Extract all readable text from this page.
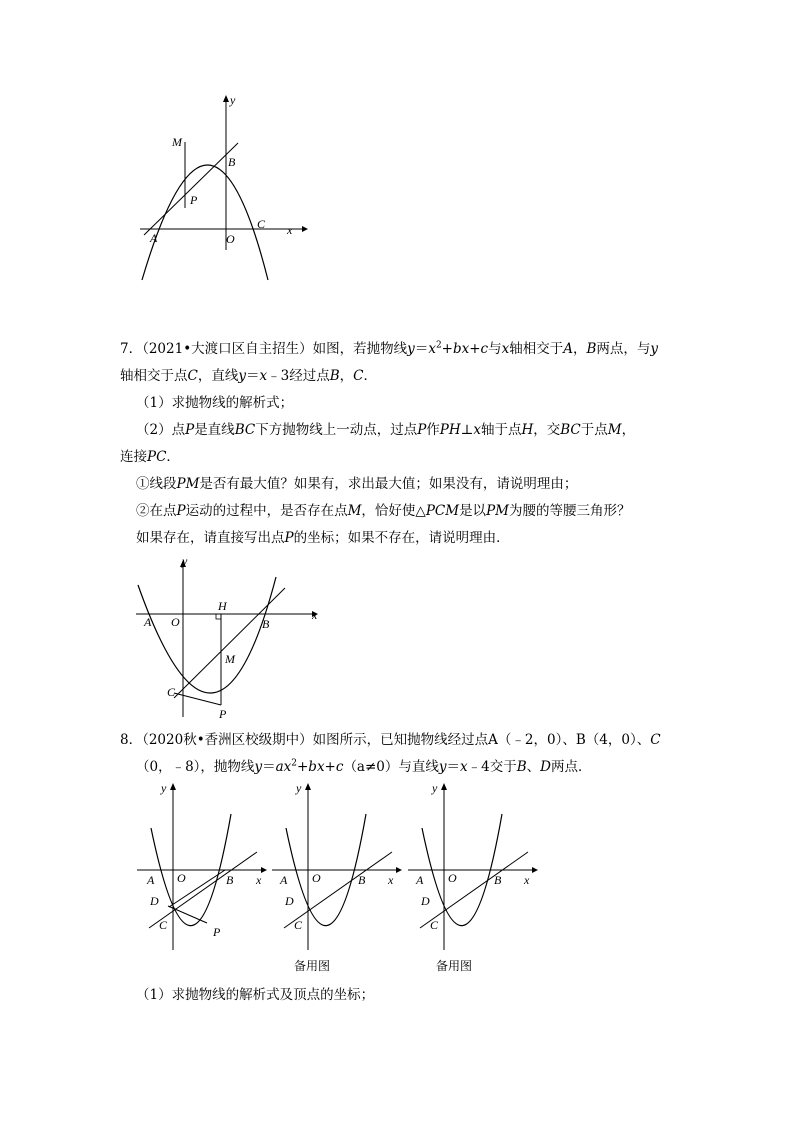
y
x
M
B
P
A	O
C
7．（2021•大渡口区自主招生）如图，若抛物线$y=x^2+bx+c$与x轴相交于A，B两点，与y
轴相交于点C，直线y＝x﹣3经过点B，C．
（1）求抛物线的解析式；
（2）点P是直线BC下方抛物线上一动点，过点P作PH⊥x轴于点H，交BC于点M，
连接PC．
①线段PM是否有最大值？如果有，求出最大值；如果没有，请说明理由；
②在点P运动的过程中，是否存在点M，恰好使△PCM是以PM为腰的等腰三角形？
如果存在，请直接写出点P的坐标；如果不存在，请说明理由．
y
x
H
A O	B
M
C
P
8．（2020秋•香洲区校级期中）如图所示，已知抛物线经过点A（﹣2，0）、B（4，0）、C
（0，﹣8），抛物线$y=ax^2+bx+c(a\ne 0)$与直线y＝x﹣4交于B、D两点．
y
x
A O	B
D
C	P
y
x
A O	B
D
C
备用图
y
x
A O	B
D
C
备用图
（1）求抛物线的解析式及顶点的坐标；
